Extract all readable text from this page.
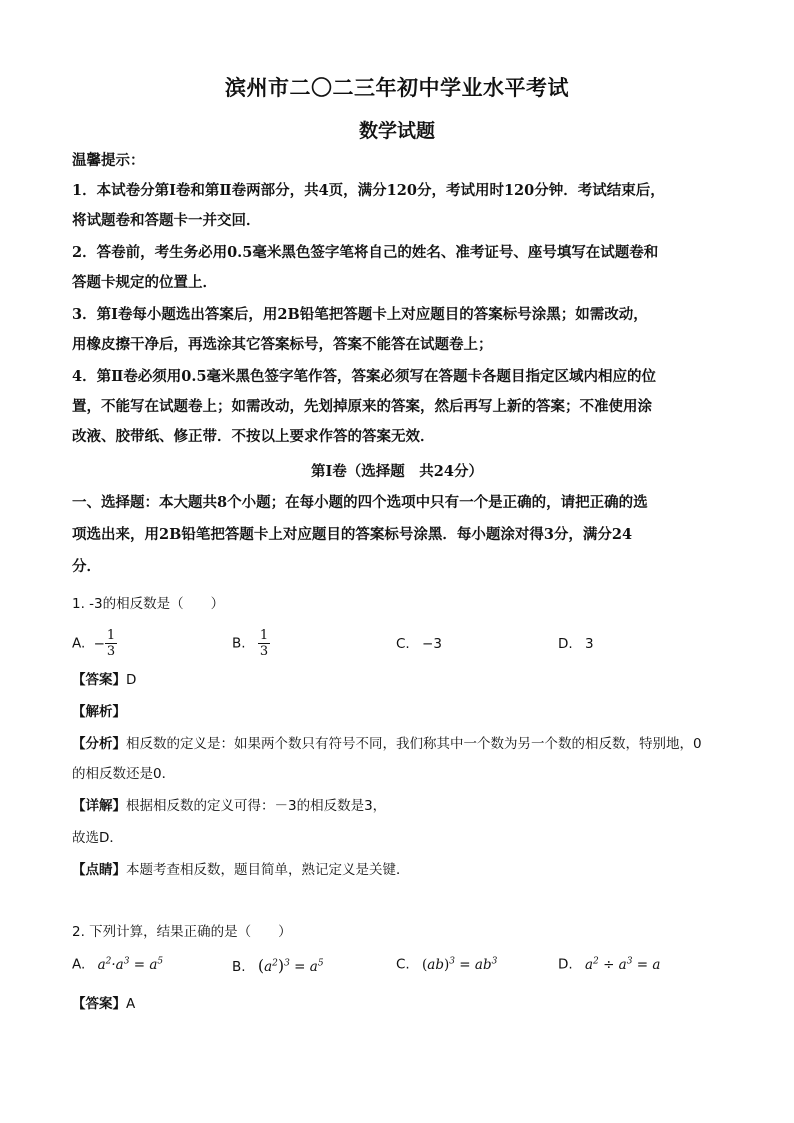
滨州市二〇二三年初中学业水平考试
数学试题
温馨提示：
1．本试卷分第Ⅰ卷和第Ⅱ卷两部分，共4页，满分120分，考试用时120分钟．考试结束后，
将试题卷和答题卡一并交回．
2．答卷前，考生务必用0.5毫米黑色签字笔将自己的姓名、准考证号、座号填写在试题卷和
答题卡规定的位置上．
3．第Ⅰ卷每小题选出答案后，用2B铅笔把答题卡上对应题目的答案标号涂黑；如需改动，
用橡皮擦干净后，再选涂其它答案标号，答案不能答在试题卷上；
4．第Ⅱ卷必须用0.5毫米黑色签字笔作答，答案必须写在答题卡各题目指定区域内相应的位
置，不能写在试题卷上；如需改动，先划掉原来的答案，然后再写上新的答案；不准使用涂
改液、胶带纸、修正带．不按以上要求作答的答案无效．
第Ⅰ卷（选择题　共24分）
一、选择题：本大题共8个小题；在每小题的四个选项中只有一个是正确的，请把正确的选
项选出来，用2B铅笔把答题卡上对应题目的答案标号涂黑．每小题涂对得3分，满分24
分．
1. -3的相反数是（　　）
A. − $\frac{1}{3}$	B. $\frac{1}{3}$	C. −3	D. 3
【答案】D
【解析】
【分析】相反数的定义是：如果两个数只有符号不同，我们称其中一个数为另一个数的相反数，特别地，0
的相反数还是0．
【详解】根据相反数的定义可得：－3的相反数是3，
故选D．
【点睛】本题考查相反数，题目简单，熟记定义是关键．
2. 下列计算，结果正确的是（　　）
A. $a^2\cdot a^3 = a^5$	B. $(a^2)^3 = a^5$	C. $(ab)^3 = ab^3$	D. $a^2 \div a^3 = a$
【答案】A
